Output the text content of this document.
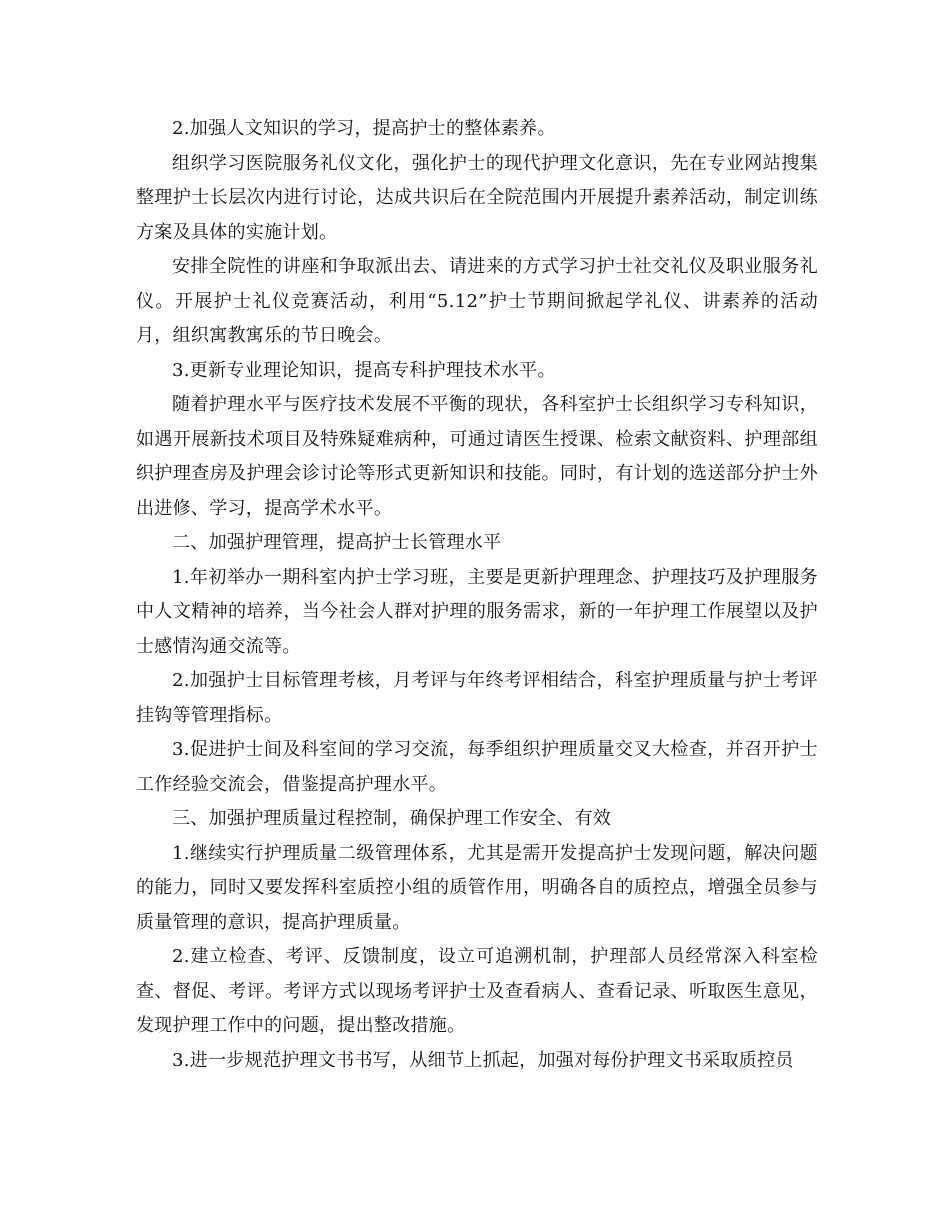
2.加强人文知识的学习，提高护士的整体素养。

组织学习医院服务礼仪文化，强化护士的现代护理文化意识，先在专业网站搜集整理护士长层次内进行讨论，达成共识后在全院范围内开展提升素养活动，制定训练方案及具体的实施计划。

安排全院性的讲座和争取派出去、请进来的方式学习护士社交礼仪及职业服务礼仪。开展护士礼仪竞赛活动，利用“5.12”护士节期间掀起学礼仪、讲素养的活动月，组织寓教寓乐的节日晚会。

3.更新专业理论知识，提高专科护理技术水平。

随着护理水平与医疗技术发展不平衡的现状，各科室护士长组织学习专科知识，如遇开展新技术项目及特殊疑难病种，可通过请医生授课、检索文献资料、护理部组织护理查房及护理会诊讨论等形式更新知识和技能。同时，有计划的选送部分护士外出进修、学习，提高学术水平。

二、加强护理管理，提高护士长管理水平

1.年初举办一期科室内护士学习班，主要是更新护理理念、护理技巧及护理服务中人文精神的培养，当今社会人群对护理的服务需求，新的一年护理工作展望以及护士感情沟通交流等。

2.加强护士目标管理考核，月考评与年终考评相结合，科室护理质量与护士考评挂钩等管理指标。

3.促进护士间及科室间的学习交流，每季组织护理质量交叉大检查，并召开护士工作经验交流会，借鉴提高护理水平。

三、加强护理质量过程控制，确保护理工作安全、有效

1.继续实行护理质量二级管理体系，尤其是需开发提高护士发现问题，解决问题的能力，同时又要发挥科室质控小组的质管作用，明确各自的质控点，增强全员参与质量管理的意识，提高护理质量。

2.建立检查、考评、反馈制度，设立可追溯机制，护理部人员经常深入科室检查、督促、考评。考评方式以现场考评护士及查看病人、查看记录、听取医生意见，发现护理工作中的问题，提出整改措施。

3.进一步规范护理文书书写，从细节上抓起，加强对每份护理文书采取质控员
